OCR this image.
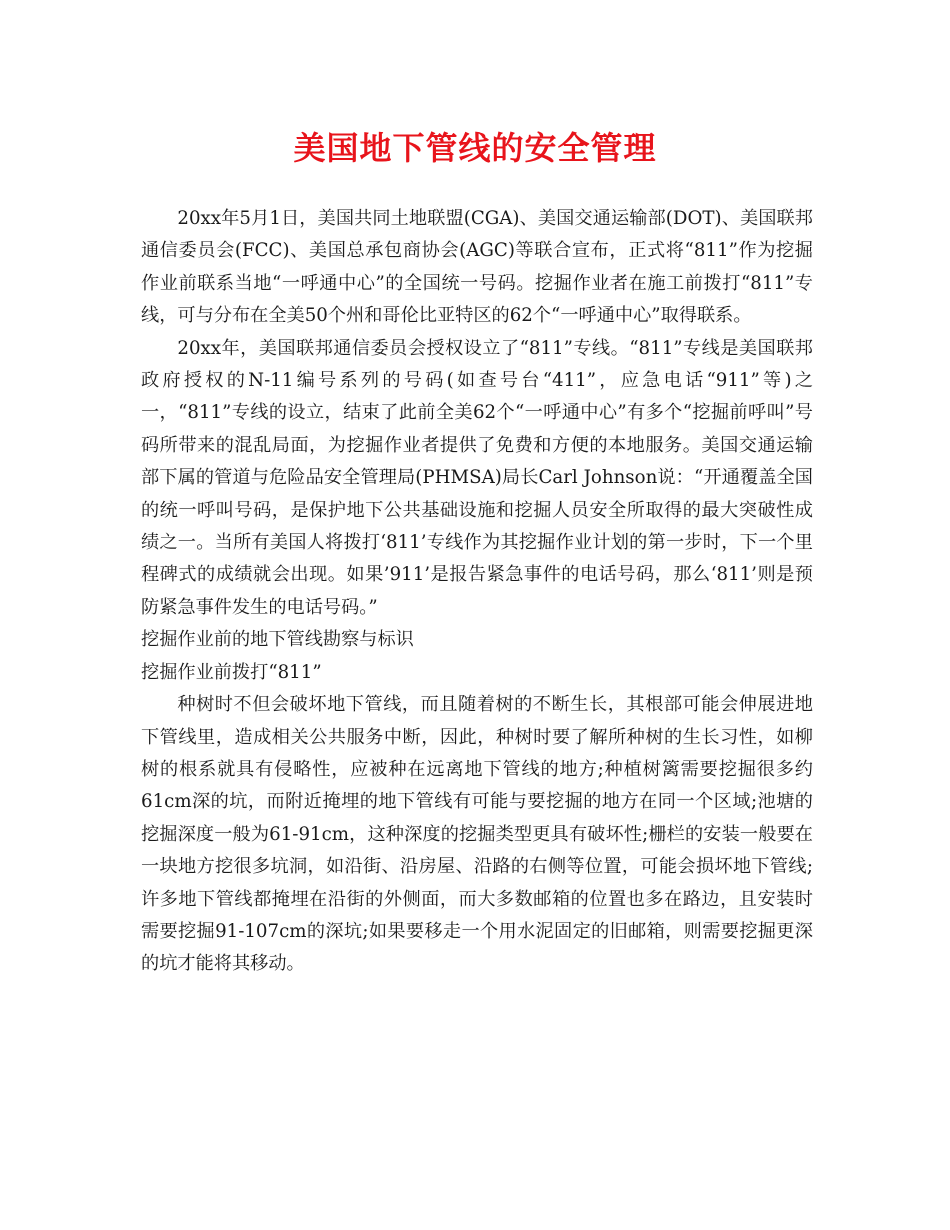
美国地下管线的安全管理

20xx年5月1日，美国共同土地联盟(CGA)、美国交通运输部(DOT)、美国联邦通信委员会(FCC)、美国总承包商协会(AGC)等联合宣布，正式将“811”作为挖掘作业前联系当地“一呼通中心”的全国统一号码。挖掘作业者在施工前拨打“811”专线，可与分布在全美50个州和哥伦比亚特区的62个“一呼通中心”取得联系。

20xx年，美国联邦通信委员会授权设立了“811”专线。“811”专线是美国联邦政府授权的N-11编号系列的号码(如查号台“411”，应急电话“911”等)之一，“811”专线的设立，结束了此前全美62个“一呼通中心”有多个“挖掘前呼叫”号码所带来的混乱局面，为挖掘作业者提供了免费和方便的本地服务。美国交通运输部下属的管道与危险品安全管理局(PHMSA)局长Carl Johnson说：“开通覆盖全国的统一呼叫号码，是保护地下公共基础设施和挖掘人员安全所取得的最大突破性成绩之一。当所有美国人将拨打‘811’专线作为其挖掘作业计划的第一步时，下一个里程碑式的成绩就会出现。如果’911’是报告紧急事件的电话号码，那么‘811’则是预防紧急事件发生的电话号码。”

挖掘作业前的地下管线勘察与标识

挖掘作业前拨打“811”

种树时不但会破坏地下管线，而且随着树的不断生长，其根部可能会伸展进地下管线里，造成相关公共服务中断，因此，种树时要了解所种树的生长习性，如柳树的根系就具有侵略性，应被种在远离地下管线的地方;种植树篱需要挖掘很多约61cm深的坑，而附近掩埋的地下管线有可能与要挖掘的地方在同一个区域;池塘的挖掘深度一般为61-91cm，这种深度的挖掘类型更具有破坏性;栅栏的安装一般要在一块地方挖很多坑洞，如沿街、沿房屋、沿路的右侧等位置，可能会损坏地下管线;许多地下管线都掩埋在沿街的外侧面，而大多数邮箱的位置也多在路边，且安装时需要挖掘91-107cm的深坑;如果要移走一个用水泥固定的旧邮箱，则需要挖掘更深的坑才能将其移动。
